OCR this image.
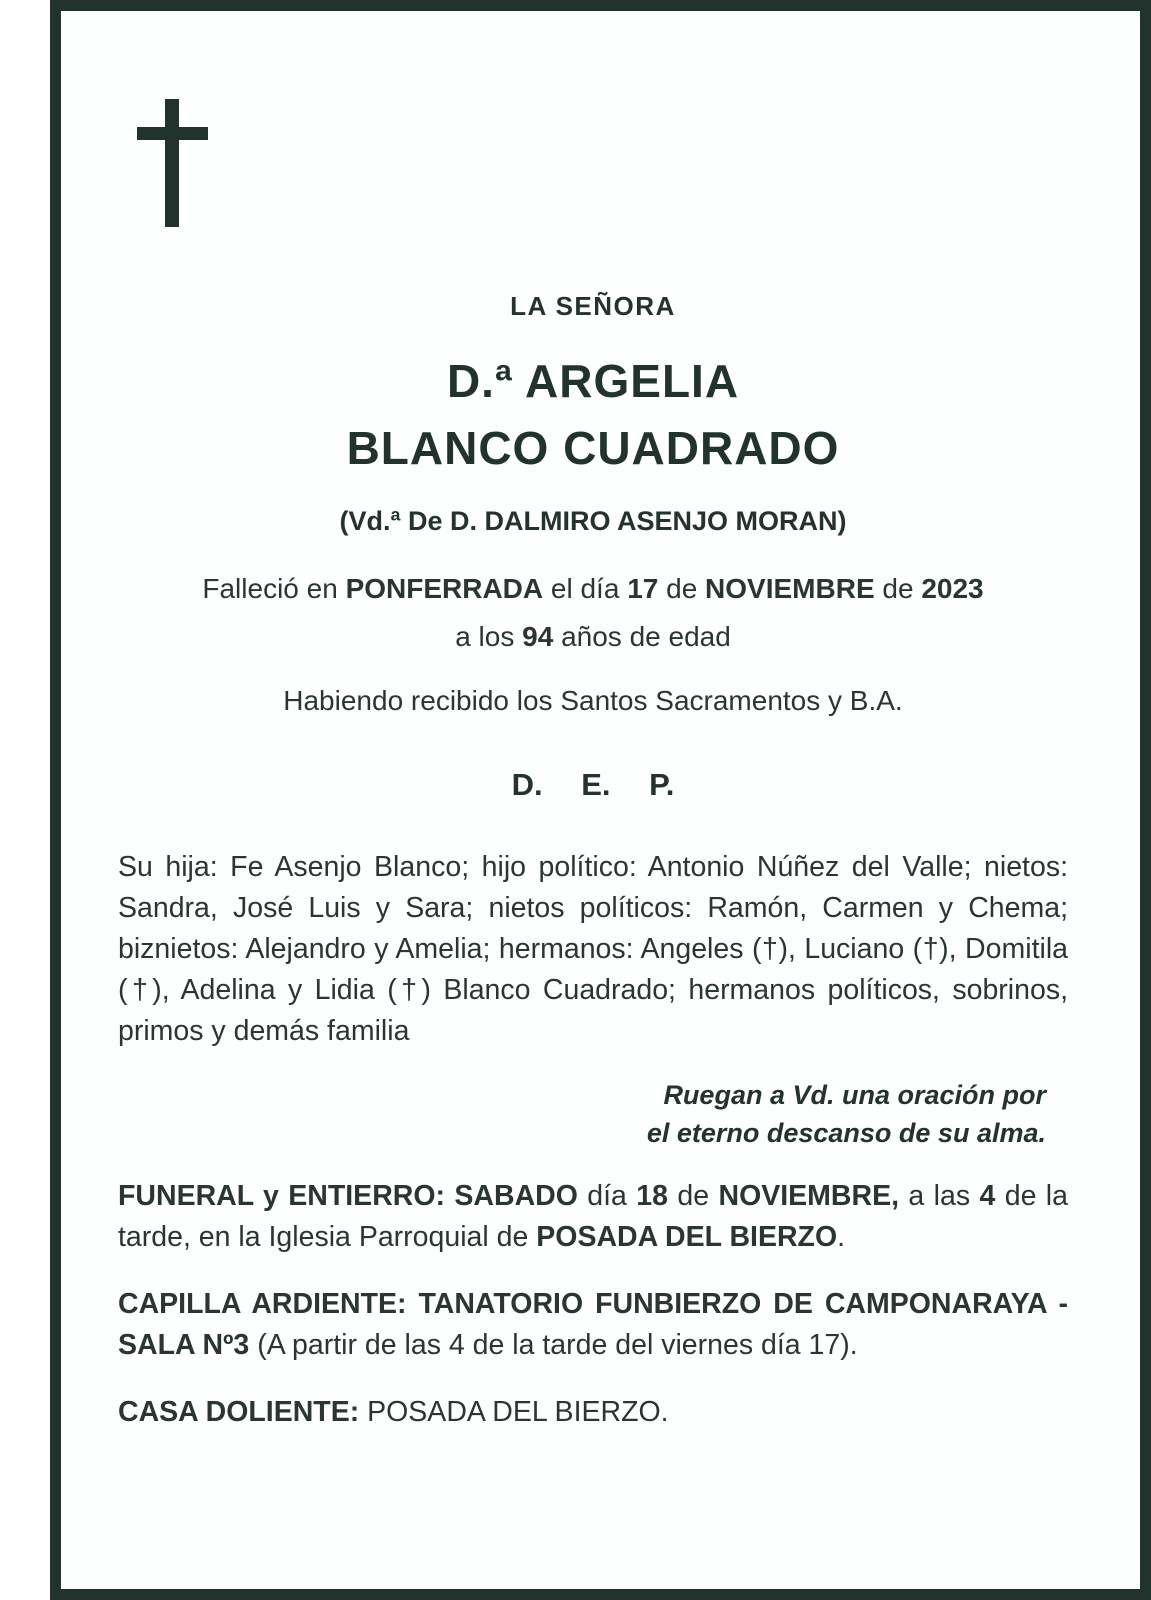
LA SEÑORA
D.ª ARGELIA
BLANCO CUADRADO
(Vd.ª De D. DALMIRO ASENJO MORAN)
Falleció en PONFERRADA el día 17 de NOVIEMBRE de 2023
a los 94 años de edad
Habiendo recibido los Santos Sacramentos y B.A.
D. E. P.

Su hija: Fe Asenjo Blanco; hijo político: Antonio Núñez del Valle; nietos: Sandra, José Luis y Sara; nietos políticos: Ramón, Carmen y Chema; biznietos: Alejandro y Amelia; hermanos: Angeles (†), Luciano (†), Domitila (†), Adelina y Lidia (†) Blanco Cuadrado; hermanos políticos, sobrinos, primos y demás familia

Ruegan a Vd. una oración por
el eterno descanso de su alma.

FUNERAL y ENTIERRO: SABADO día 18 de NOVIEMBRE, a las 4 de la tarde, en la Iglesia Parroquial de POSADA DEL BIERZO.

CAPILLA ARDIENTE: TANATORIO FUNBIERZO DE CAMPONARAYA - SALA Nº3 (A partir de las 4 de la tarde del viernes día 17).

CASA DOLIENTE: POSADA DEL BIERZO.
